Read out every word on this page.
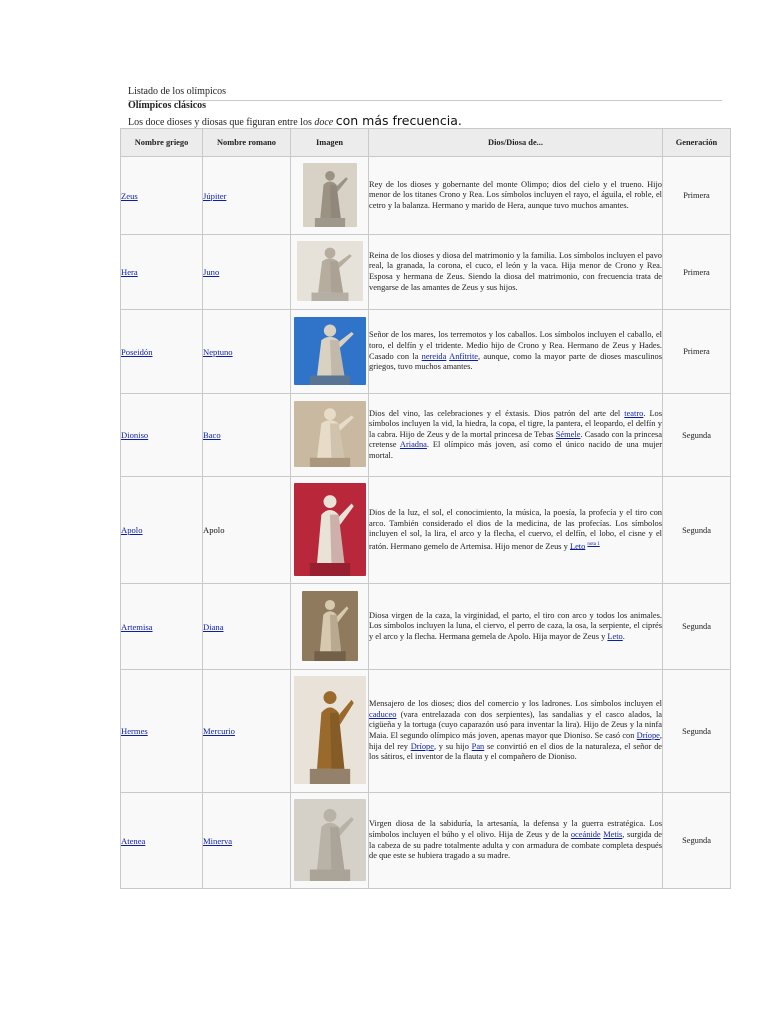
Listado de los olímpicos
Olímpicos clásicos
Los doce dioses y diosas que figuran entre los doce con más frecuencia.
Nombre griego	Nombre romano	Imagen	Dios/Diosa de...	Generación
Zeus	Júpiter		Rey de los dioses y gobernante del monte Olimpo; dios del cielo y el trueno. Hijo menor de los titanes Crono y Rea. Los símbolos incluyen el rayo, el águila, el roble, el cetro y la balanza. Hermano y marido de Hera, aunque tuvo muchos amantes.	Primera
Hera	Juno		Reina de los dioses y diosa del matrimonio y la familia. Los símbolos incluyen el pavo real, la granada, la corona, el cuco, el león y la vaca. Hija menor de Crono y Rea. Esposa y hermana de Zeus. Siendo la diosa del matrimonio, con frecuencia trata de vengarse de las amantes de Zeus y sus hijos.	Primera
Poseidón	Neptuno		Señor de los mares, los terremotos y los caballos. Los símbolos incluyen el caballo, el toro, el delfín y el tridente. Medio hijo de Crono y Rea. Hermano de Zeus y Hades. Casado con la nereida Anfítrite, aunque, como la mayor parte de dioses masculinos griegos, tuvo muchos amantes.	Primera
Dioniso	Baco		Dios del vino, las celebraciones y el éxtasis. Dios patrón del arte del teatro. Los símbolos incluyen la vid, la hiedra, la copa, el tigre, la pantera, el leopardo, el delfín y la cabra. Hijo de Zeus y de la mortal princesa de Tebas Sémele. Casado con la princesa cretense Ariadna. El olímpico más joven, así como el único nacido de una mujer mortal.	Segunda
Apolo	Apolo		Dios de la luz, el sol, el conocimiento, la música, la poesía, la profecía y el tiro con arco. También considerado el dios de la medicina, de las profecías. Los símbolos incluyen el sol, la lira, el arco y la flecha, el cuervo, el delfín, el lobo, el cisne y el ratón. Hermano gemelo de Artemisa. Hijo menor de Zeus y Leto $^{nota 1}$	Segunda
Artemisa	Diana		Diosa virgen de la caza, la virginidad, el parto, el tiro con arco y todos los animales. Los símbolos incluyen la luna, el ciervo, el perro de caza, la osa, la serpiente, el ciprés y el arco y la flecha. Hermana gemela de Apolo. Hija mayor de Zeus y Leto.	Segunda
Hermes	Mercurio		Mensajero de los dioses; dios del comercio y los ladrones. Los símbolos incluyen el caduceo (vara entrelazada con dos serpientes), las sandalias y el casco alados, la cigüeña y la tortuga (cuyo caparazón usó para inventar la lira). Hijo de Zeus y la ninfa Maia. El segundo olímpico más joven, apenas mayor que Dioniso. Se casó con Dríope, hija del rey Dríope, y su hijo Pan se convirtió en el dios de la naturaleza, el señor de los sátiros, el inventor de la flauta y el compañero de Dioniso.	Segunda
Atenea	Minerva		Virgen diosa de la sabiduría, la artesanía, la defensa y la guerra estratégica. Los símbolos incluyen el búho y el olivo. Hija de Zeus y de la oceánide Metis, surgida de la cabeza de su padre totalmente adulta y con armadura de combate completa después de que este se hubiera tragado a su madre.	Segunda
